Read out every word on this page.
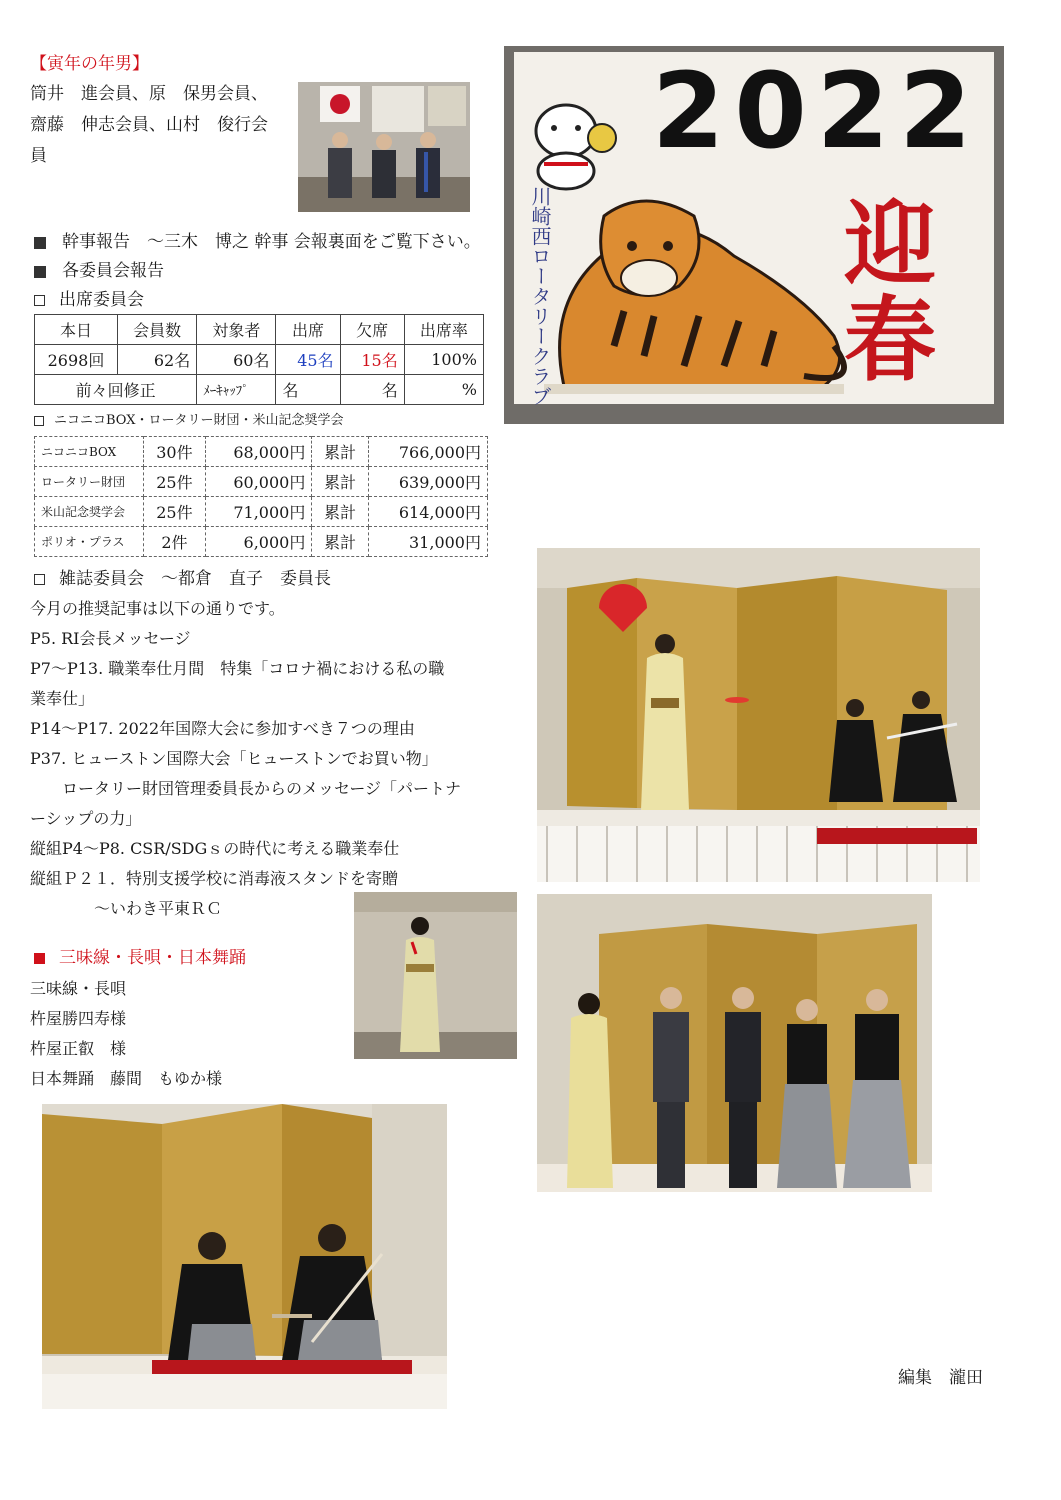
【寅年の年男】
筒井　進会員、原　保男会員、
齋藤　伸志会員、山村　俊行会
員
幹事報告　～三木　博之 幹事 会報裏面をご覧下さい。
各委員会報告
出席委員会
本日	会員数	対象者	出席	欠席	出席率
2698回	62名	60名	45名	15名	100%
前々回修正		ﾒｰｷｬｯﾌﾟ	名	名	%
ニコニコBOX・ロータリー財団・米山記念奨学会
ニコニコBOX	30件	68,000円	累計	766,000円
ロータリー財団	25件	60,000円	累計	639,000円
米山記念奨学会	25件	71,000円	累計	614,000円
ポリオ・プラス	2件	6,000円	累計	31,000円
雑誌委員会　～都倉　直子　委員長
今月の推奨記事は以下の通りです。
P5. RI会長メッセージ
P7～P13. 職業奉仕月間　特集「コロナ禍における私の職
業奉仕」
P14～P17. 2022年国際大会に参加すべき７つの理由
P37. ヒューストン国際大会「ヒューストンでお買い物」
　　ロータリー財団管理委員長からのメッセージ「パートナ
ーシップの力」
縦組P4～P8. CSR/SDGｓの時代に考える職業奉仕
縦組Ｐ２１．特別支援学校に消毒液スタンドを寄贈
　　　　～いわき平東ＲＣ
三味線・長唄・日本舞踊
三味線・長唄
杵屋勝四寿様
杵屋正叡　様
日本舞踊　藤間　もゆか様
編集　瀧田
2022
迎春
川崎西ロータリークラブ
